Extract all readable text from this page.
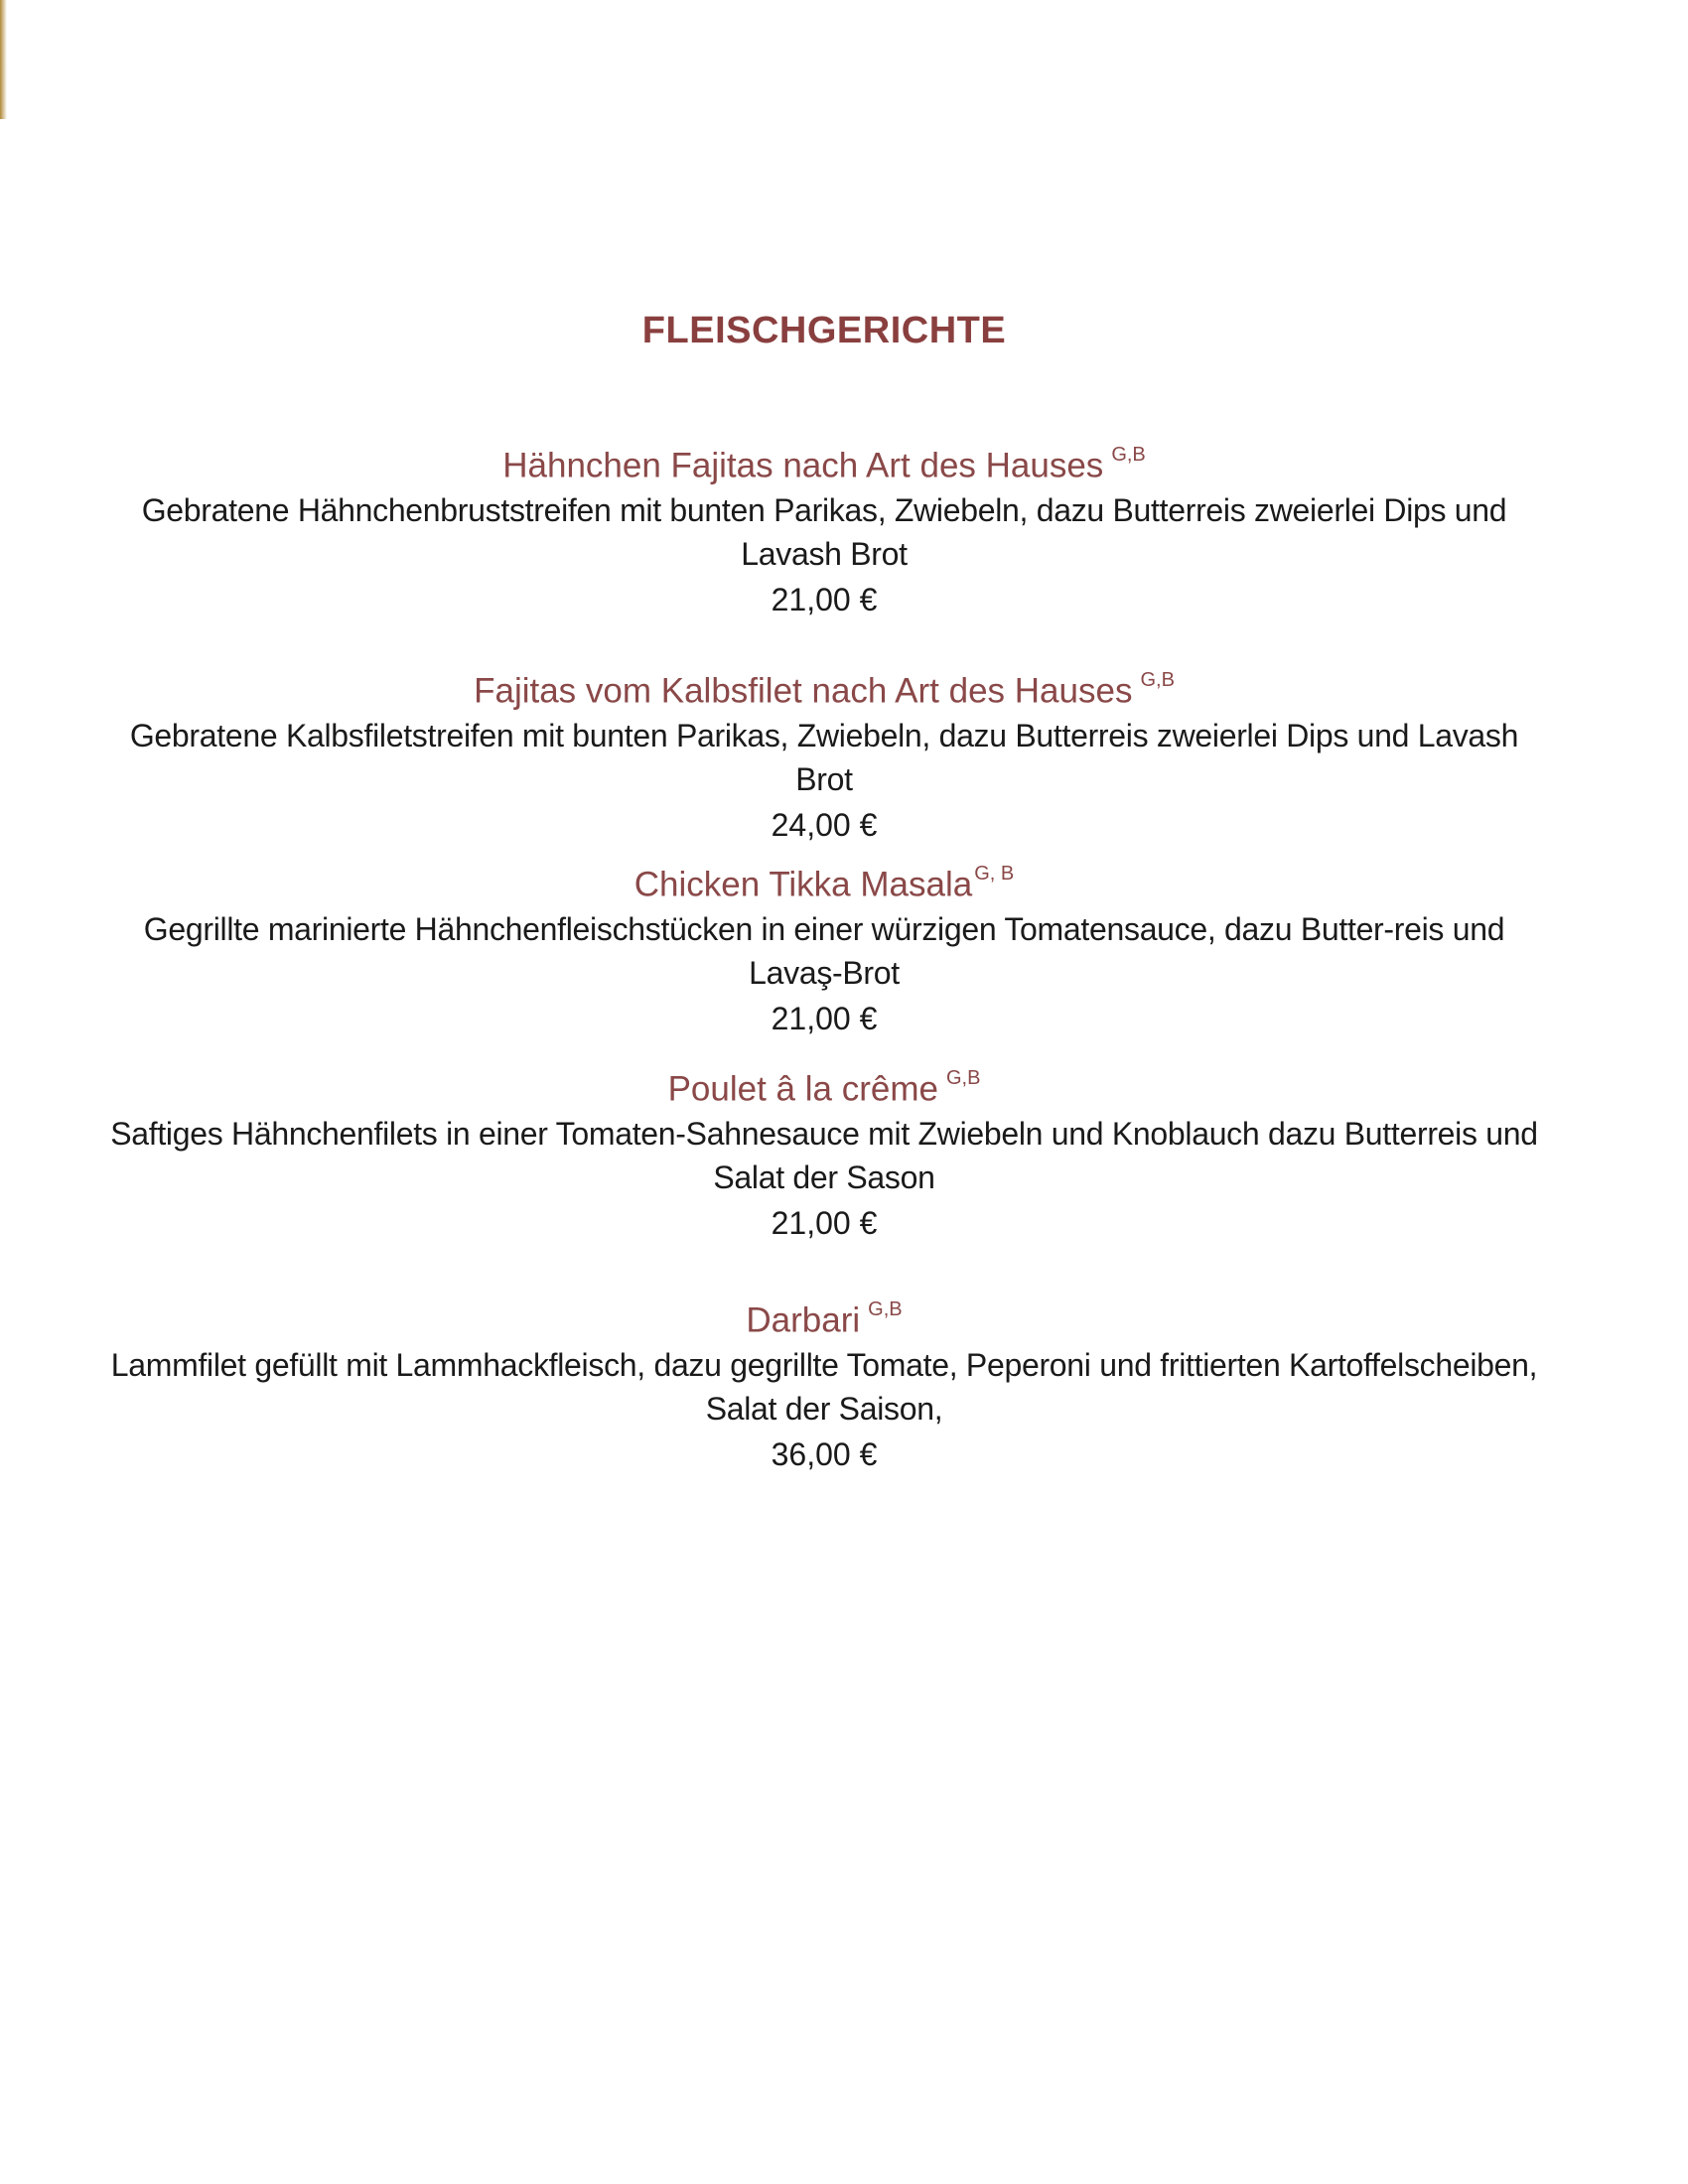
FLEISCHGERICHTE
Hähnchen Fajitas nach Art des Hauses $^{G,B}$
Gebratene Hähnchenbruststreifen mit bunten Parikas, Zwiebeln, dazu Butterreis zweierlei Dips und Lavash Brot
21,00 €
Fajitas vom Kalbsfilet nach Art des Hauses $^{G,B}$
Gebratene Kalbsfiletstreifen mit bunten Parikas, Zwiebeln, dazu Butterreis zweierlei Dips und Lavash Brot
24,00 €
Chicken Tikka Masala $^{G, B}$
Gegrillte marinierte Hähnchenfleischstücken in einer würzigen Tomatensauce, dazu Butter-reis und Lavaş-Brot
21,00 €
Poulet â la crême $^{G,B}$
Saftiges Hähnchenfilets in einer Tomaten-Sahnesauce mit Zwiebeln und Knoblauch dazu Butterreis und Salat der Sason
21,00 €
Darbari $^{G,B}$
Lammfilet gefüllt mit Lammhackfleisch, dazu gegrillte Tomate, Peperoni und frittierten Kartoffelscheiben, Salat der Saison,
36,00 €
